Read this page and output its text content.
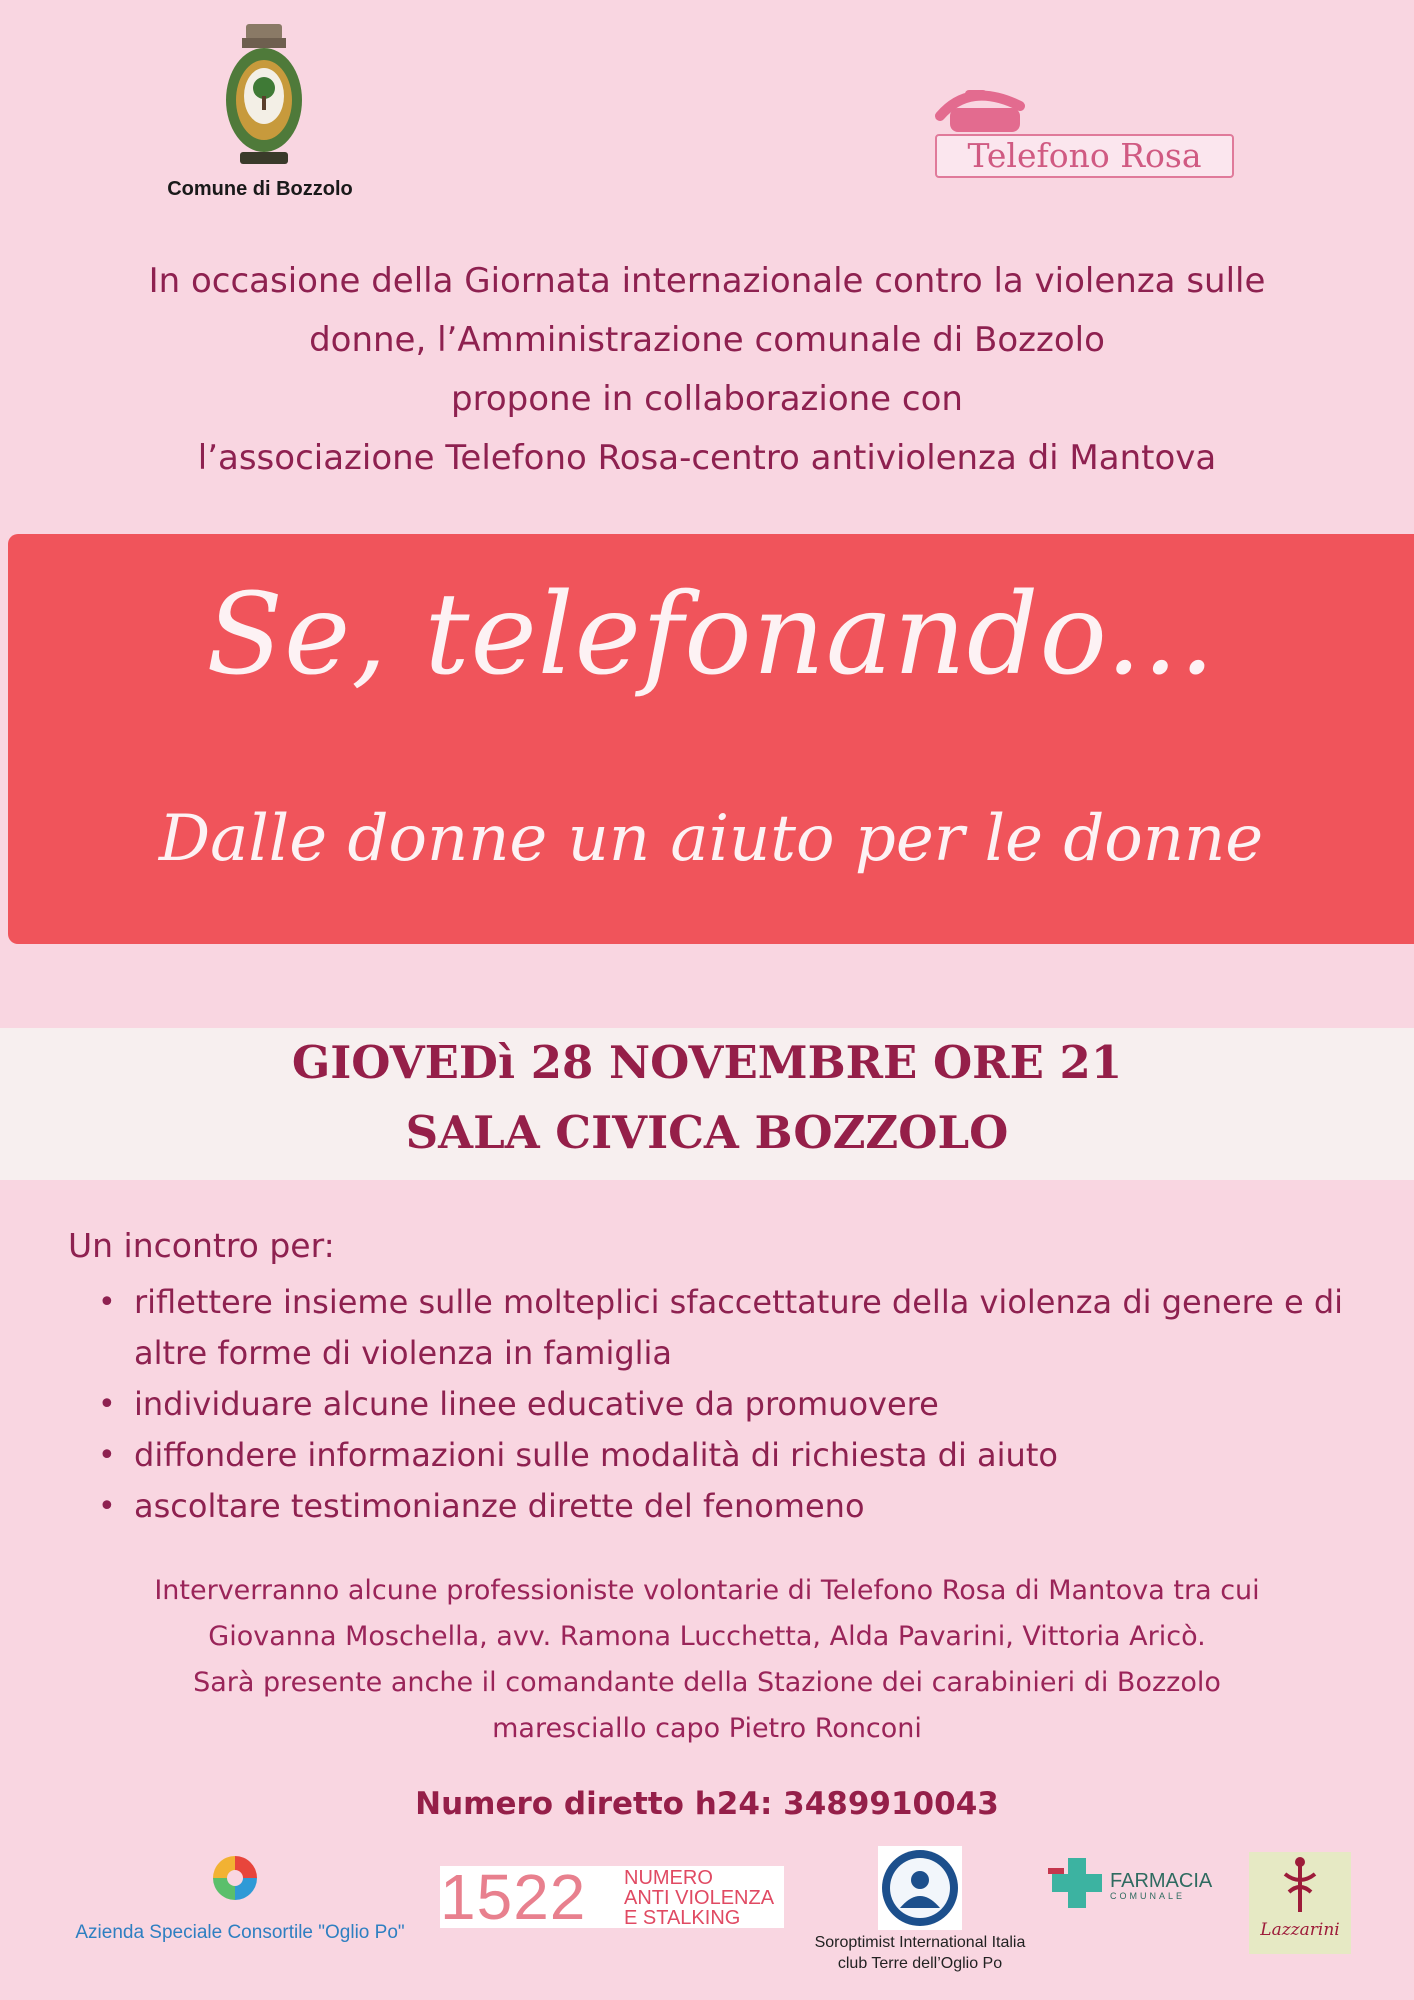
Comune di Bozzolo
Telefono Rosa
In occasione della Giornata internazionale contro la violenza sulle
donne, l’Amministrazione comunale di Bozzolo
propone in collaborazione con
l’associazione Telefono Rosa-centro antiviolenza di Mantova
Se, telefonando...
Dalle donne un aiuto per le donne
GIOVEDì 28 NOVEMBRE ORE 21
SALA CIVICA BOZZOLO
Un incontro per:
• riflettere insieme sulle molteplici sfaccettature della violenza di genere e di altre forme di violenza in famiglia
• individuare alcune linee educative da promuovere
• diffondere informazioni sulle modalità di richiesta di aiuto
• ascoltare testimonianze dirette del fenomeno
Interverranno alcune professioniste volontarie di Telefono Rosa di Mantova tra cui
Giovanna Moschella, avv. Ramona Lucchetta, Alda Pavarini, Vittoria Aricò.
Sarà presente anche il comandante della Stazione dei carabinieri di Bozzolo
maresciallo capo Pietro Ronconi
Numero diretto h24: 3489910043
Azienda Speciale Consortile "Oglio Po" 1522 NUMERO
ANTI VIOLENZA
E STALKING
Soroptimist International Italia
club Terre dell’Oglio Po
FARMACIA
COMUNALE
Lazzarini
